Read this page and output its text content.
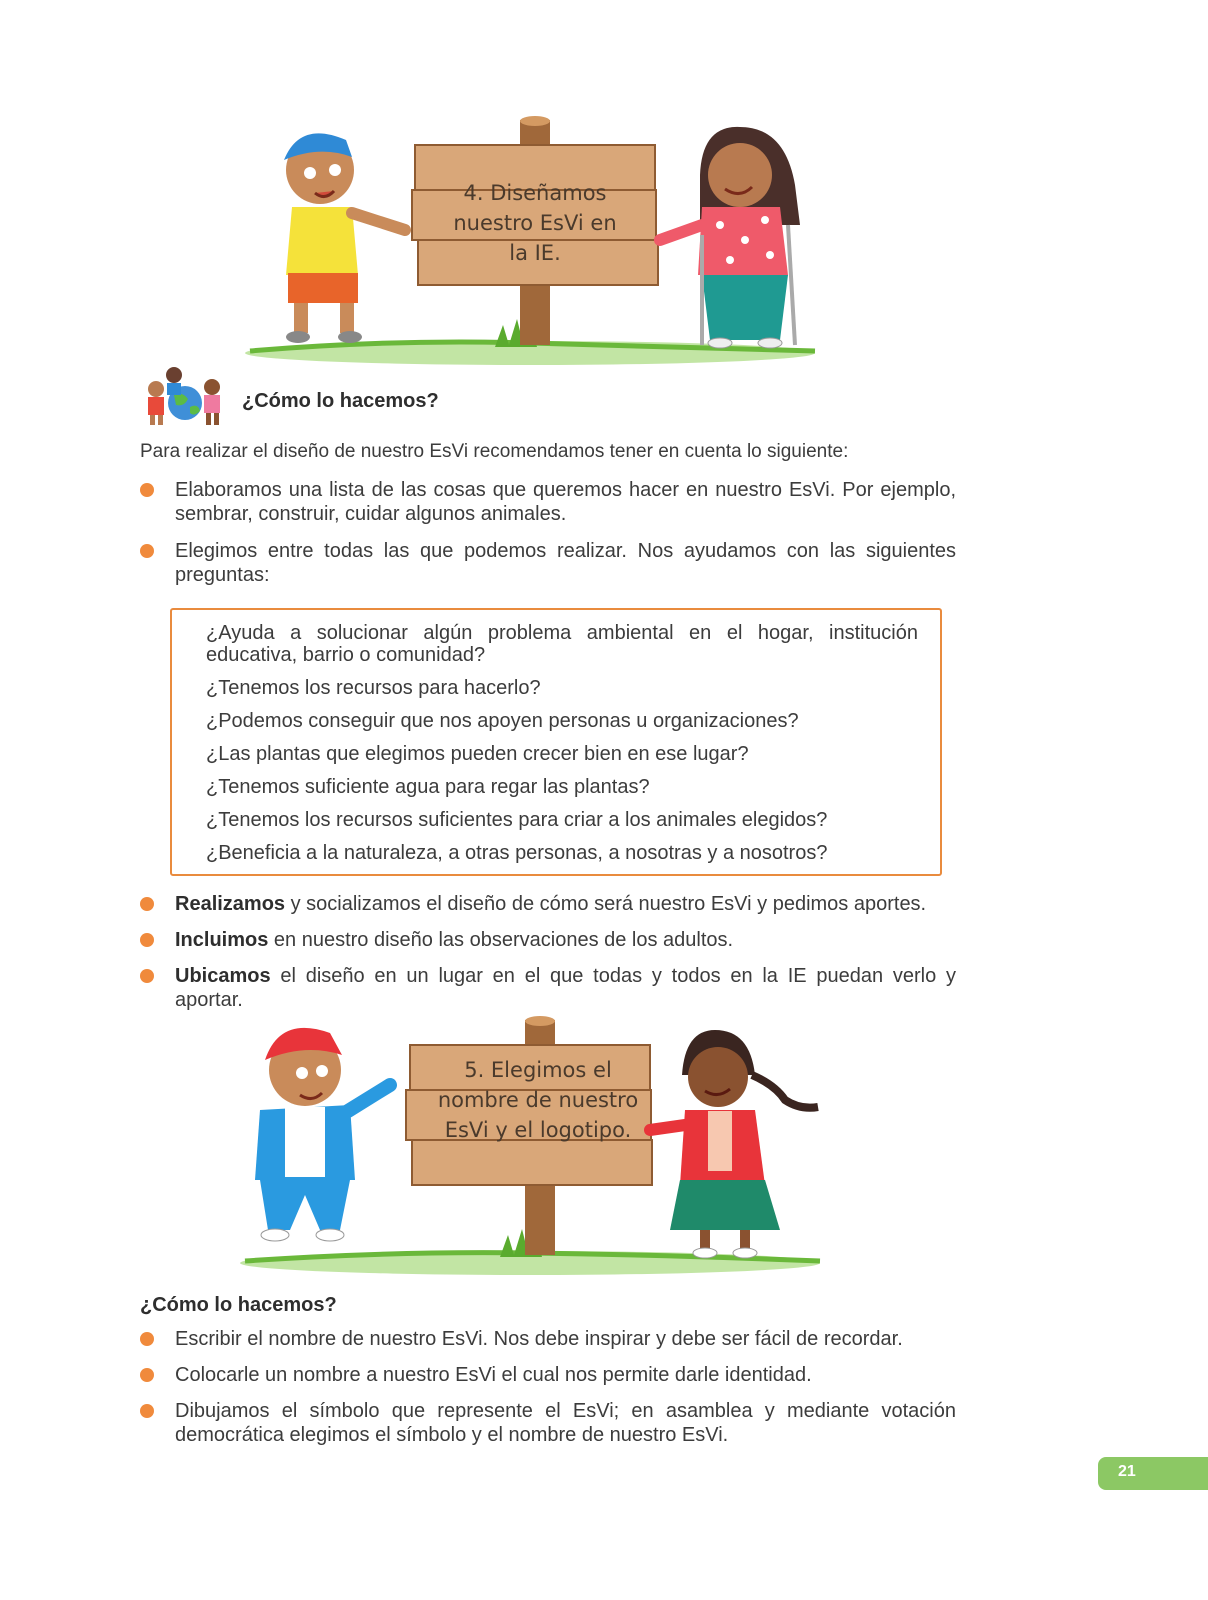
4. Diseñamos
nuestro EsVi en
la IE.
¿Cómo lo hacemos?
Para realizar el diseño de nuestro EsVi recomendamos tener en cuenta lo siguiente:
Elaboramos una lista de las cosas que queremos hacer en nuestro EsVi. Por ejemplo, sembrar, construir, cuidar algunos animales.
Elegimos entre todas las que podemos realizar. Nos ayudamos con las siguientes preguntas:
¿Ayuda a solucionar algún problema ambiental en el hogar, institución educativa, barrio o comunidad?
¿Tenemos los recursos para hacerlo?
¿Podemos conseguir que nos apoyen personas u organizaciones?
¿Las plantas que elegimos pueden crecer bien en ese lugar?
¿Tenemos suficiente agua para regar las plantas?
¿Tenemos los recursos suficientes para criar a los animales elegidos?
¿Beneficia a la naturaleza, a otras personas, a nosotras y a nosotros?
Realizamos y socializamos el diseño de cómo será nuestro EsVi y pedimos aportes.
Incluimos en nuestro diseño las observaciones de los adultos.
Ubicamos el diseño en un lugar en el que todas y todos en la IE puedan verlo y aportar.
5. Elegimos el
nombre de nuestro
EsVi y el logotipo.
¿Cómo lo hacemos?
Escribir el nombre de nuestro EsVi. Nos debe inspirar y debe ser fácil de recordar.
Colocarle un nombre a nuestro EsVi el cual nos permite darle identidad.
Dibujamos el símbolo que represente el EsVi; en asamblea y mediante votación democrática elegimos el símbolo y el nombre de nuestro EsVi.
21
